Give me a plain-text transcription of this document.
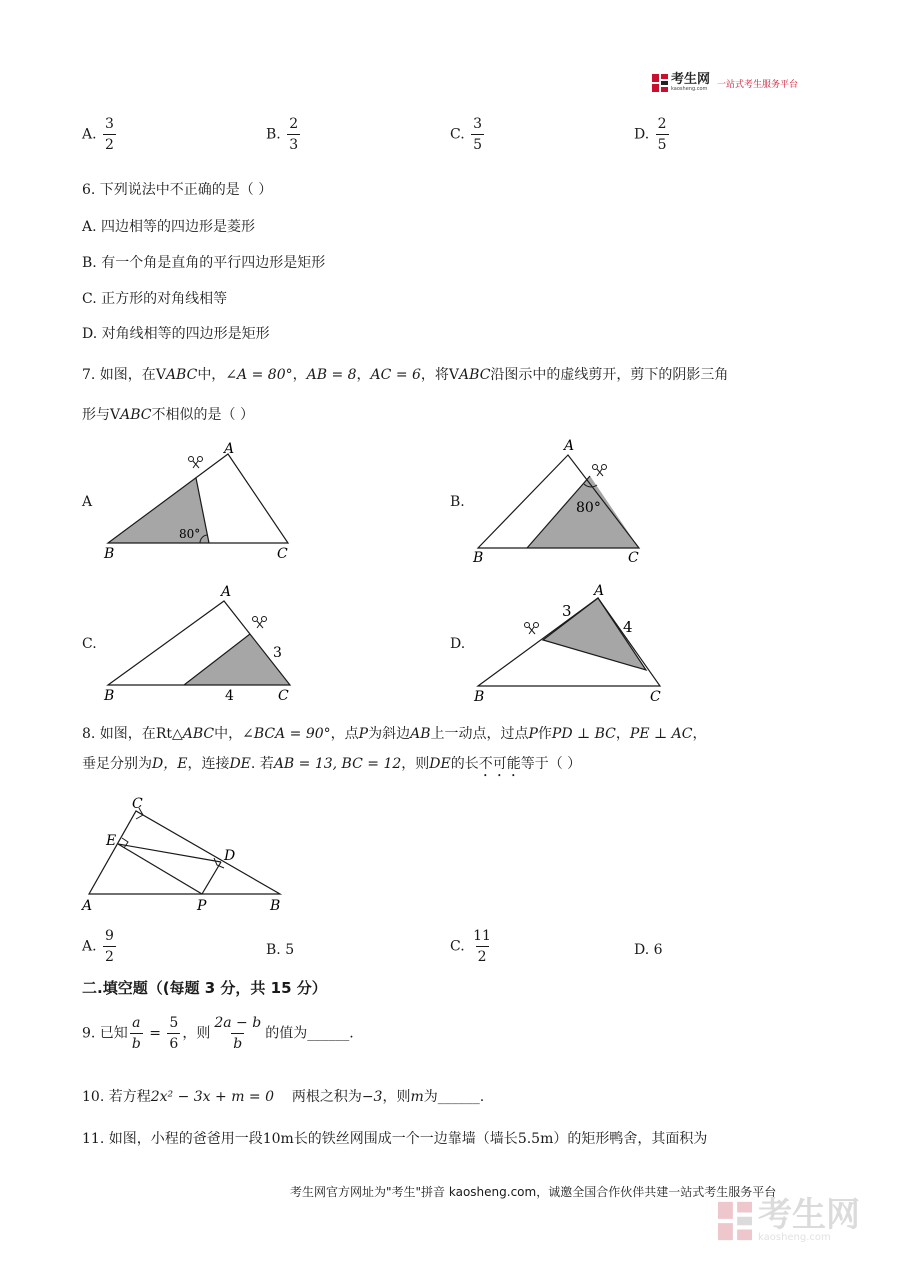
考生网
kaosheng.com 一站式考生服务平台
A. $\frac{3}{2}$	B. $\frac{2}{3}$	C. $\frac{3}{5}$	D. $\frac{2}{5}$
6. 下列说法中不正确的是（ ）
A. 四边相等的四边形是菱形
B. 有一个角是直角的平行四边形是矩形
C. 正方形的对角线相等
D. 对角线相等的四边形是矩形
7. 如图，在VABC中，∠A = 80°，AB = 8，AC = 6，将VABC沿图示中的虚线剪开，剪下的阴影三角
形与VABC不相似的是（ ）
A
80°
A
B	C
B.	80°
A
B	C
C.
A
B	C
3
4
D.
A
B	C
3
4
8. 如图，在Rt△ABC中，∠BCA = 90°，点P为斜边AB上一动点，过点P作PD ⊥ BC，PE ⊥ AC，
垂足分别为D，E，连接DE. 若AB = 13, BC = 12，则DE的长不可能等于（ ）
C
E
D
A	P	B
A. $\frac{9}{2}$	B. 5	C. $\frac{11}{2}$	D. 6
二.填空题（(每题 3 分，共 15 分）
9. 已知 $\frac{a}{b} = \frac{5}{6}$ ，则 $\frac{2a - b}{b}$ 的值为______.
10. 若方程2x² − 3x + m = 0 两根之积为−3，则m为______.
11. 如图，小程的爸爸用一段10m长的铁丝网围成一个一边靠墙（墙长5.5m）的矩形鸭舍，其面积为
考生网官方网址为"考生"拼音 kaosheng.com，诚邀全国合作伙伴共建一站式考生服务平台
考生网
kaosheng.com
